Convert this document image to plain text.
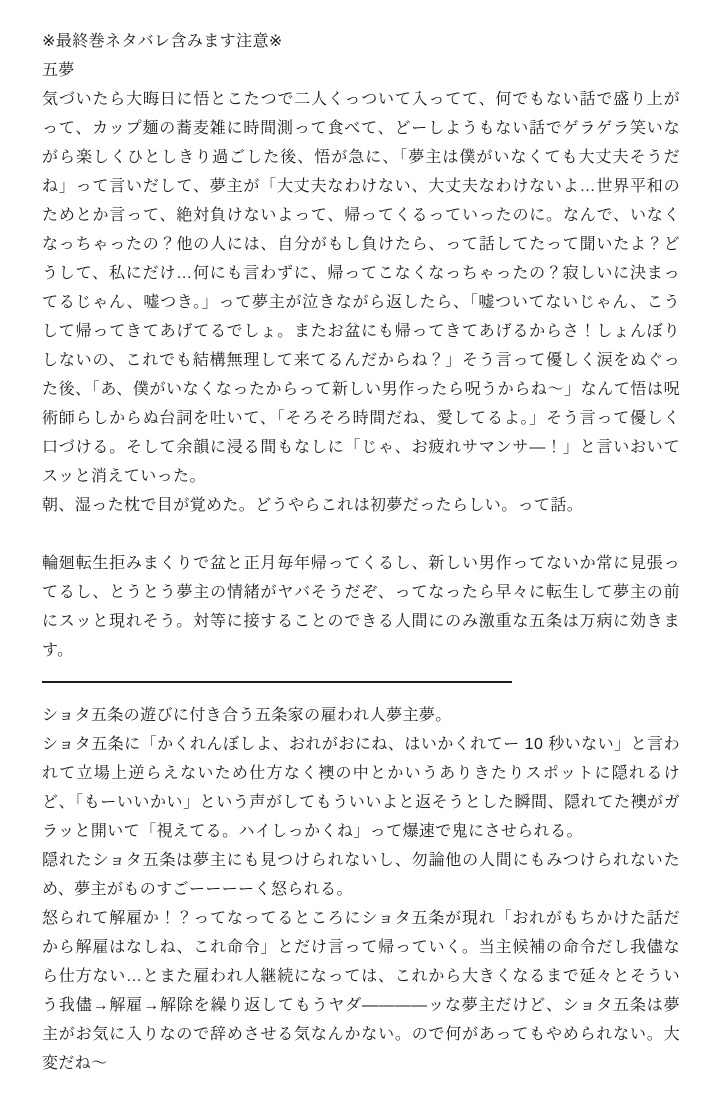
※最終巻ネタバレ含みます注意※

五夢

気づいたら大晦日に悟とこたつで二人くっついて入ってて、何でもない話で盛り上がって、カップ麺の蕎麦雑に時間測って食べて、どーしようもない話でゲラゲラ笑いながら楽しくひとしきり過ごした後、悟が急に、「夢主は僕がいなくても大丈夫そうだね」って言いだして、夢主が「大丈夫なわけない、大丈夫なわけないよ…世界平和のためとか言って、絶対負けないよって、帰ってくるっていったのに。なんで、いなくなっちゃったの？他の人には、自分がもし負けたら、って話してたって聞いたよ？どうして、私にだけ…何にも言わずに、帰ってこなくなっちゃったの？寂しいに決まってるじゃん、嘘つき。」って夢主が泣きながら返したら、「嘘ついてないじゃん、こうして帰ってきてあげてるでしょ。またお盆にも帰ってきてあげるからさ！しょんぼりしないの、これでも結構無理して来てるんだからね？」そう言って優しく涙をぬぐった後、「あ、僕がいなくなったからって新しい男作ったら呪うからね〜」なんて悟は呪術師らしからぬ台詞を吐いて、「そろそろ時間だね、愛してるよ。」そう言って優しく口づける。そして余韻に浸る間もなしに「じゃ、お疲れサマンサ―！」と言いおいてスッと消えていった。

朝、湿った枕で目が覚めた。どうやらこれは初夢だったらしい。って話。

輪廻転生拒みまくりで盆と正月毎年帰ってくるし、新しい男作ってないか常に見張ってるし、とうとう夢主の情緒がヤバそうだぞ、ってなったら早々に転生して夢主の前にスッと現れそう。対等に接することのできる人間にのみ激重な五条は万病に効きます。

ショタ五条の遊びに付き合う五条家の雇われ人夢主夢。

ショタ五条に「かくれんぼしよ、おれがおにね、はいかくれてー 10 秒いない」と言われて立場上逆らえないため仕方なく襖の中とかいうありきたりスポットに隠れるけど、「もーいいかい」という声がしてもういいよと返そうとした瞬間、隠れてた襖がガラッと開いて「視えてる。ハイしっかくね」って爆速で鬼にさせられる。

隠れたショタ五条は夢主にも見つけられないし、勿論他の人間にもみつけられないため、夢主がものすごーーーーく怒られる。

怒られて解雇か！？ってなってるところにショタ五条が現れ「おれがもちかけた話だから解雇はなしね、これ命令」とだけ言って帰っていく。当主候補の命令だし我儘なら仕方ない…とまた雇われ人継続になっては、これから大きくなるまで延々とそういう我儘→解雇→解除を繰り返してもうヤダ――――ッな夢主だけど、ショタ五条は夢主がお気に入りなので辞めさせる気なんかない。ので何があってもやめられない。大変だね〜
